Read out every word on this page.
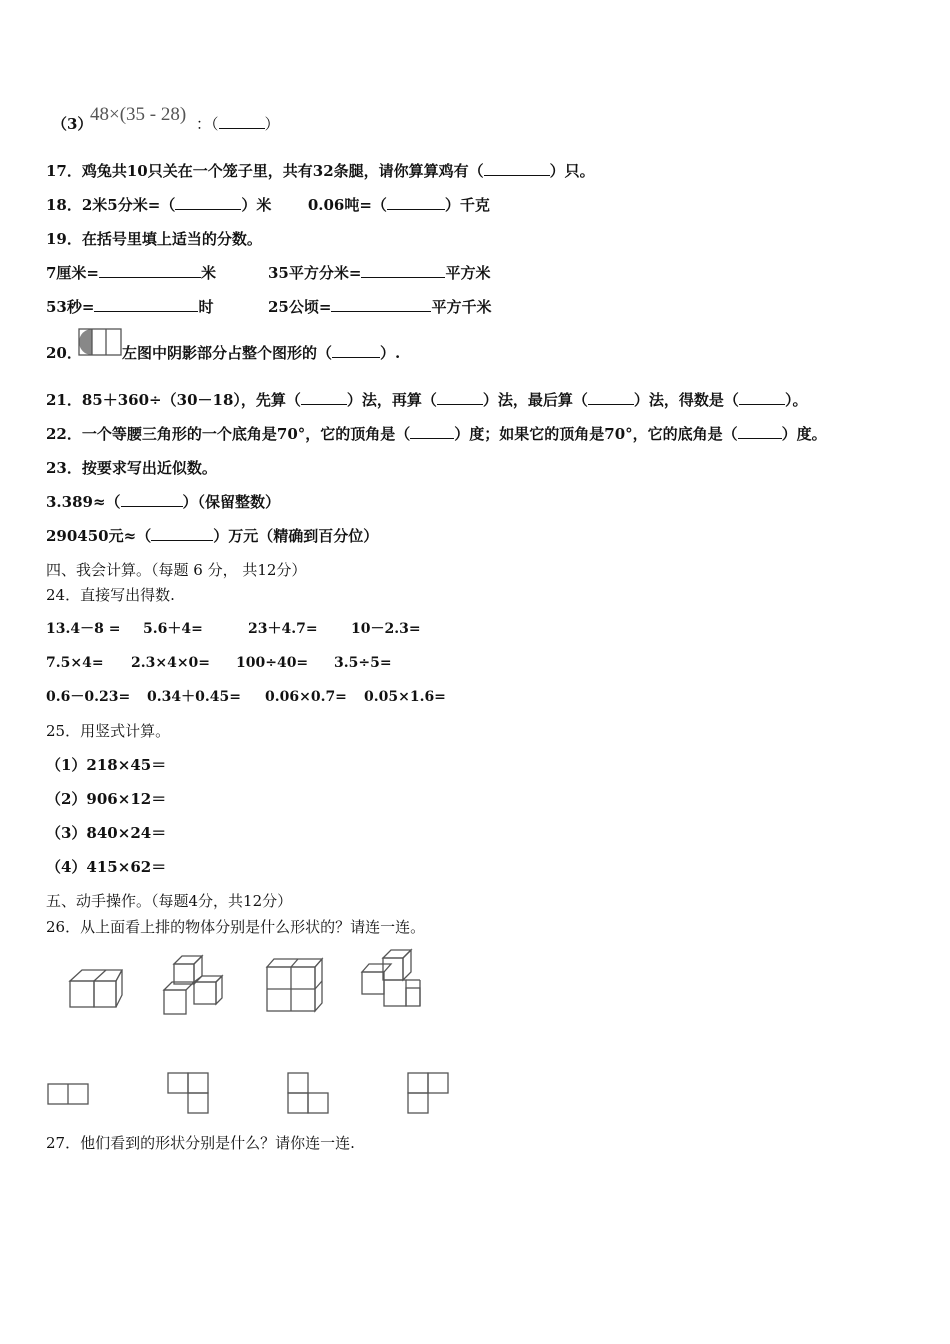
（3）
48×(35 - 28) ：（	）
17．鸡兔共10只关在一个笼子里，共有32条腿，请你算算鸡有（	）只。
18．2米5分米=（	）米 0.06吨=（	）千克
19．在括号里填上适当的分数。
7厘米=	米	35平方分米=	平方米
53秒=	时	25公顷=	平方千米
20．	左图中阴影部分占整个图形的（	）.
21．85＋360÷（30－18），先算（	）法，再算（	）法，最后算（	）法，得数是（	）。
22．一个等腰三角形的一个底角是70°，它的顶角是（	）度；如果它的顶角是70°，它的底角是（	）度。
23．按要求写出近似数。
3.389≈（	）（保留整数）
290450元≈（	）万元（精确到百分位）
四、我会计算。（每题 6 分， 共12分）
24．直接写出得数.
13.4－8 = 5.6＋4=	23＋4.7= 10－2.3=
7.5×4= 2.3×4×0= 100÷40= 3.5÷5=
0.6－0.23= 0.34＋0.45= 0.06×0.7= 0.05×1.6=
25．用竖式计算。
（1）218×45＝
（2）906×12＝
（3）840×24＝
（4）415×62＝
五、动手操作。（每题4分，共12分）
26．从上面看上排的物体分别是什么形状的？请连一连。
27．他们看到的形状分别是什么？请你连一连.
